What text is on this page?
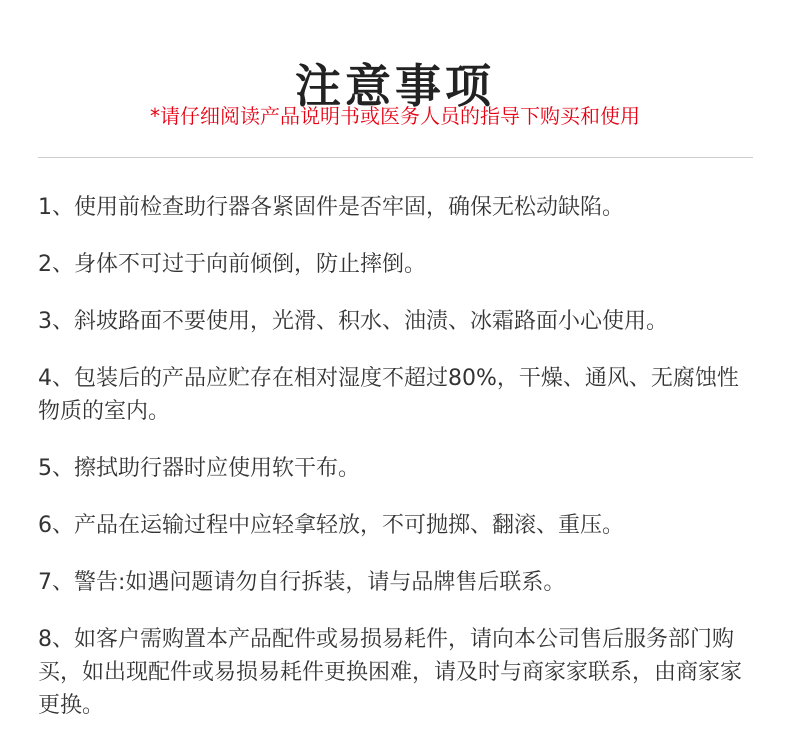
注意事项
*请仔细阅读产品说明书或医务人员的指导下购买和使用
1、使用前检查助行器各紧固件是否牢固，确保无松动缺陷。
2、身体不可过于向前倾倒，防止摔倒。
3、斜坡路面不要使用，光滑、积水、油渍、冰霜路面小心使用。
4、包装后的产品应贮存在相对湿度不超过80%，干燥、通风、无腐蚀性物质的室内。
5、擦拭助行器时应使用软干布。
6、产品在运输过程中应轻拿轻放，不可抛掷、翻滚、重压。
7、警告:如遇问题请勿自行拆装，请与品牌售后联系。
8、如客户需购置本产品配件或易损易耗件，请向本公司售后服务部门购买，如出现配件或易损易耗件更换困难，请及时与商家家联系，由商家家更换。
